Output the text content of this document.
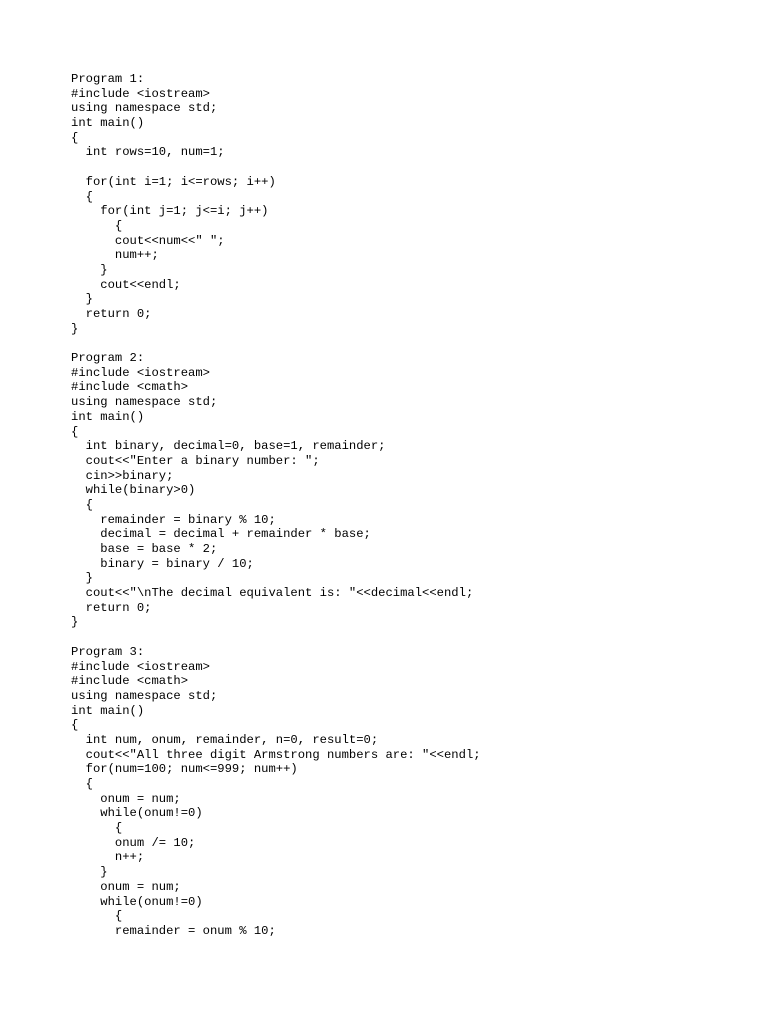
Program 1:
#include <iostream>
using namespace std;
int main()
{
int rows=10, num=1;
for(int i=1; i<=rows; i++)
{
for(int j=1; j<=i; j++)
{
cout<<num<<" ";
num++;
}
cout<<endl;
}
return 0;
}
Program 2:
#include <iostream>
#include <cmath>
using namespace std;
int main()
{
int binary, decimal=0, base=1, remainder;
cout<<"Enter a binary number: ";
cin>>binary;
while(binary>0)
{
remainder = binary % 10;
decimal = decimal + remainder * base;
base = base * 2;
binary = binary / 10;
}
cout<<"\nThe decimal equivalent is: "<<decimal<<endl;
return 0;
}
Program 3:
#include <iostream>
#include <cmath>
using namespace std;
int main()
{
int num, onum, remainder, n=0, result=0;
cout<<"All three digit Armstrong numbers are: "<<endl;
for(num=100; num<=999; num++)
{
onum = num;
while(onum!=0)
{
onum /= 10;
n++;
}
onum = num;
while(onum!=0)
{
remainder = onum % 10;
